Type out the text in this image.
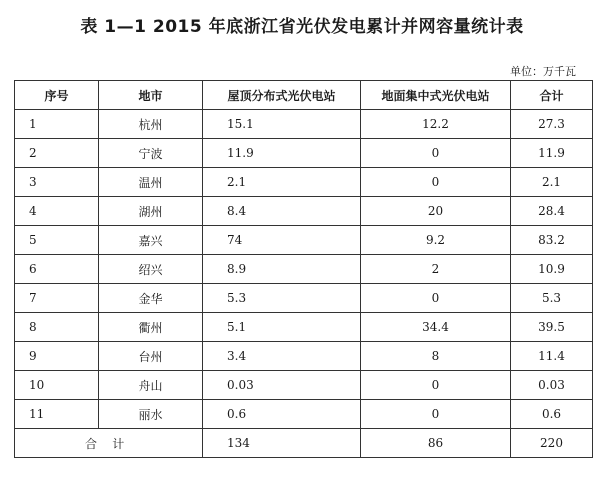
表 1—1 2015 年底浙江省光伏发电累计并网容量统计表
单位：万千瓦
序号	地市	屋顶分布式光伏电站	地面集中式光伏电站	合计
1	杭州	15.1	12.2	27.3
2	宁波	11.9	0	11.9
3	温州	2.1	0	2.1
4	湖州	8.4	20	28.4
5	嘉兴	74	9.2	83.2
6	绍兴	8.9	2	10.9
7	金华	5.3	0	5.3
8	衢州	5.1	34.4	39.5
9	台州	3.4	8	11.4
10	舟山	0.03	0	0.03
11	丽水	0.6	0	0.6
合    计		134	86	220
